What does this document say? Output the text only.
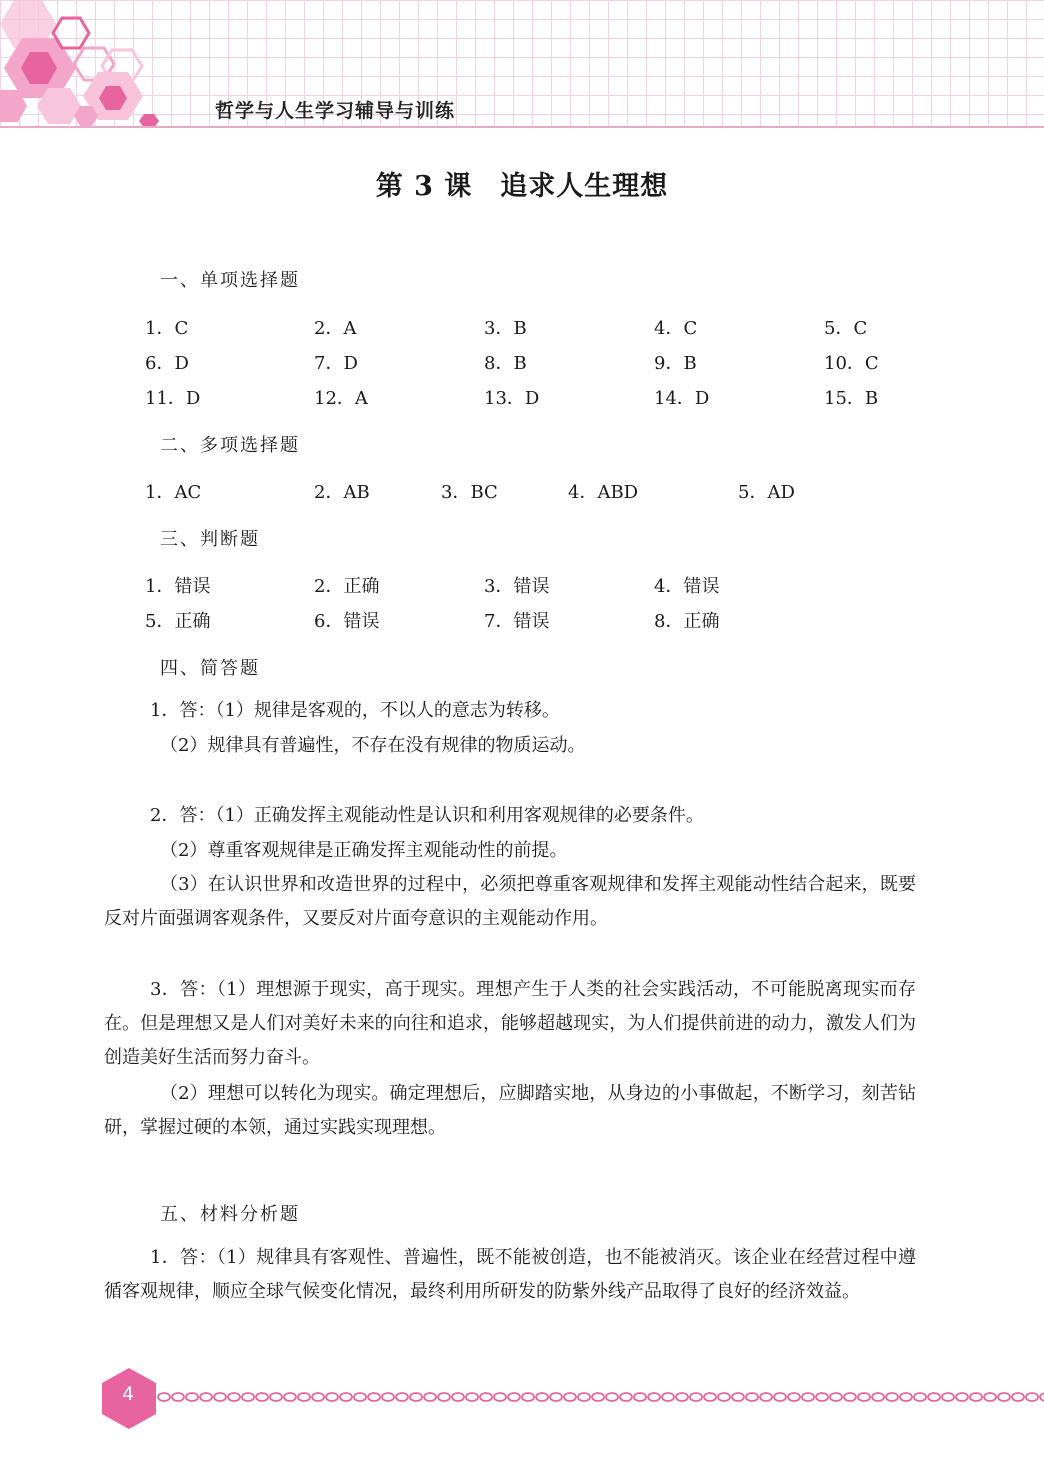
哲学与人生学习辅导与训练
第 3 课　追求人生理想
一、单项选择题
1．C	2．A	3．B	4．C	5．C
6．D	7．D	8．B	9．B	10．C
11．D	12．A	13．D	14．D	15．B
二、多项选择题
1．AC	2．AB	3．BC	4．ABD	5．AD
三、判断题
1．错误	2．正确	3．错误	4．错误
5．正确	6．错误	7．错误	8．正确
四、简答题
1．答：（1）规律是客观的，不以人的意志为转移。
（2）规律具有普遍性，不存在没有规律的物质运动。
2．答：（1）正确发挥主观能动性是认识和利用客观规律的必要条件。
（2）尊重客观规律是正确发挥主观能动性的前提。
（3）在认识世界和改造世界的过程中，必须把尊重客观规律和发挥主观能动性结合起来，既要反对片面强调客观条件，又要反对片面夸意识的主观能动作用。
3．答：（1）理想源于现实，高于现实。理想产生于人类的社会实践活动，不可能脱离现实而存在。但是理想又是人们对美好未来的向往和追求，能够超越现实，为人们提供前进的动力，激发人们为创造美好生活而努力奋斗。
（2）理想可以转化为现实。确定理想后，应脚踏实地，从身边的小事做起，不断学习，刻苦钻研，掌握过硬的本领，通过实践实现理想。
五、材料分析题
1．答：（1）规律具有客观性、普遍性，既不能被创造，也不能被消灭。该企业在经营过程中遵循客观规律，顺应全球气候变化情况，最终利用所研发的防紫外线产品取得了良好的经济效益。
4
